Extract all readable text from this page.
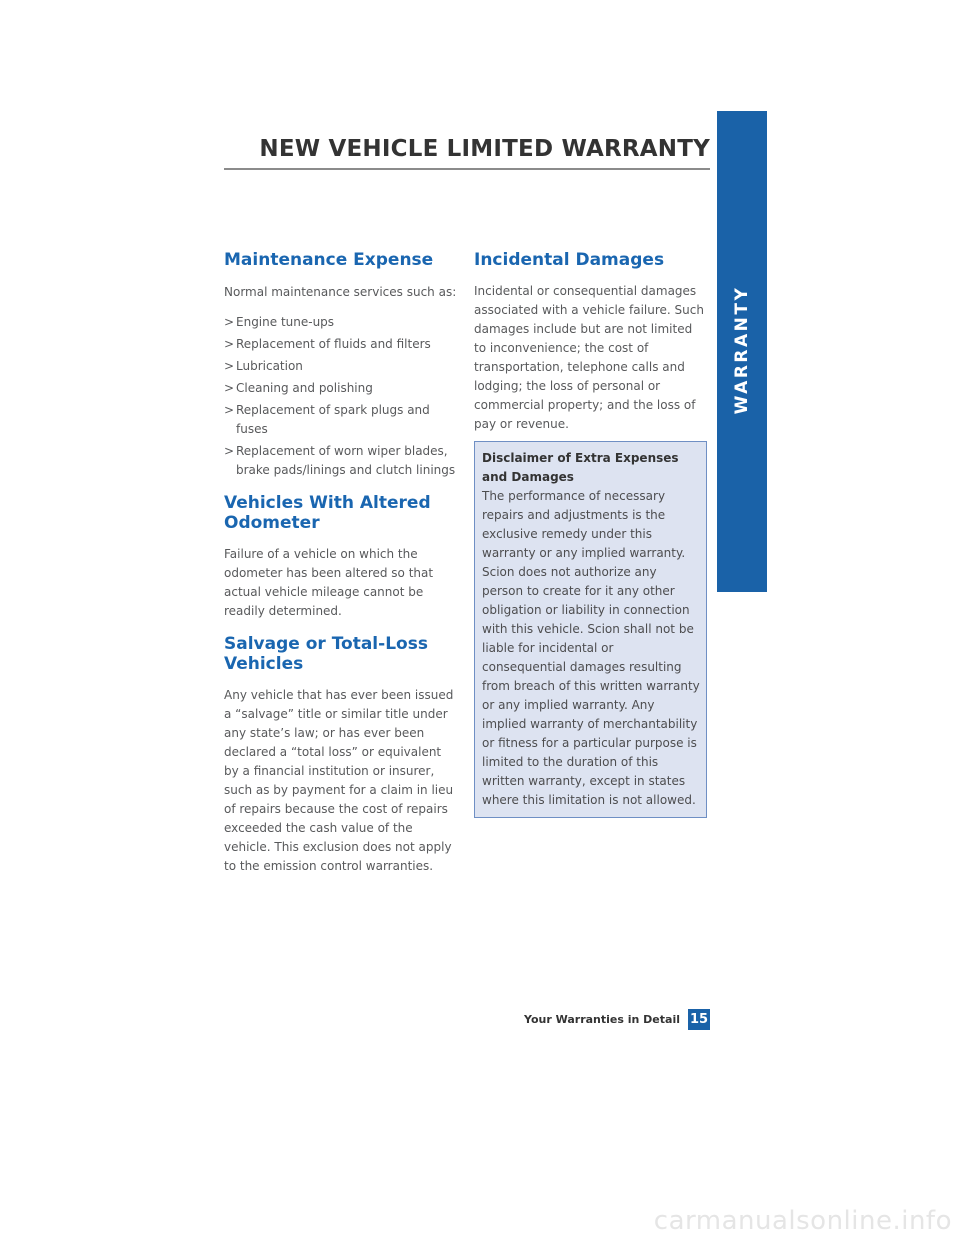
NEW VEHICLE LIMITED WARRANTY
WARRANTY
Maintenance Expense

Normal maintenance services such as:

> Engine tune-ups
> Replacement of fluids and filters
> Lubrication
> Cleaning and polishing
> Replacement of spark plugs and fuses
> Replacement of worn wiper blades, brake pads/linings and clutch linings
Vehicles With Altered Odometer

Failure of a vehicle on which the odometer has been altered so that actual vehicle mileage cannot be readily determined.

Salvage or Total-Loss Vehicles

Any vehicle that has ever been issued a “salvage” title or similar title under any state’s law; or has ever been declared a “total loss” or equivalent by a financial institution or insurer, such as by payment for a claim in lieu of repairs because the cost of repairs exceeded the cash value of the vehicle. This exclusion does not apply to the emission control warranties.

Incidental Damages

Incidental or consequential damages associated with a vehicle failure. Such damages include but are not limited to inconvenience; the cost of transportation, telephone calls and lodging; the loss of personal or commercial property; and the loss of pay or revenue.

Disclaimer of Extra Expenses and Damages
The performance of necessary repairs and adjustments is the exclusive remedy under this warranty or any implied warranty. Scion does not authorize any person to create for it any other obligation or liability in connection with this vehicle. Scion shall not be liable for incidental or consequential damages resulting from breach of this written warranty or any implied warranty. Any implied warranty of merchantability or fitness for a particular purpose is limited to the duration of this written warranty, except in states where this limitation is not allowed.
Your Warranties in Detail 15
carmanualsonline.info
